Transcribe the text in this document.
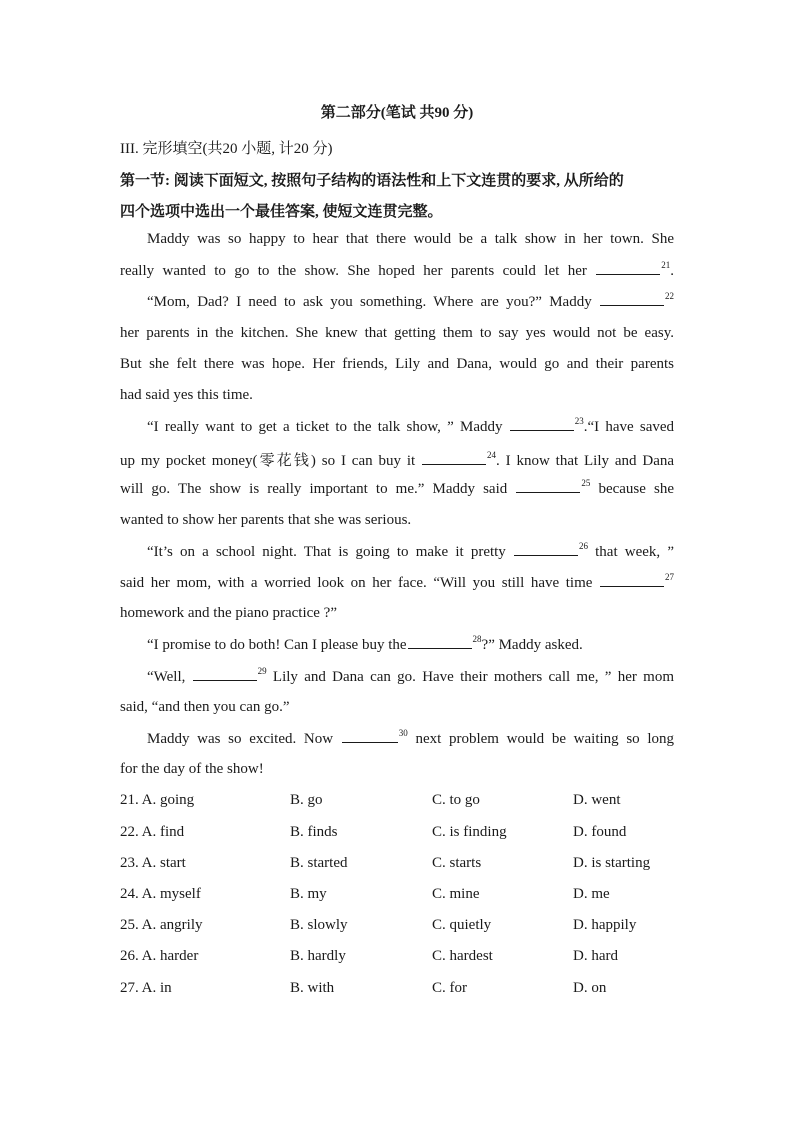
第二部分(笔试 共90 分)
III. 完形填空(共20 小题, 计20 分)
第一节: 阅读下面短文, 按照句子结构的语法性和上下文连贯的要求, 从所给的
四个选项中选出一个最佳答案, 使短文连贯完整。
Maddy was so happy to hear that there would be a talk show in her town. She
really wanted to go to the show. She hoped her parents could let her	$^{21}$.
“Mom, Dad? I need to ask you something. Where are you?” Maddy	$^{22}$
her parents in the kitchen. She knew that getting them to say yes would not be easy.
But she felt there was hope. Her friends, Lily and Dana, would go and their parents
had said yes this time.
“I really want to get a ticket to the talk show, ” Maddy	$^{23}$.“I have saved
up my pocket money(零花钱) so I can buy it	$^{24}$. I know that Lily and Dana
will go. The show is really important to me.” Maddy said	$^{25}$ because she
wanted to show her parents that she was serious.
“It’s on a school night. That is going to make it pretty	$^{26}$ that week, ”
said her mom, with a worried look on her face. “Will you still have time	$^{27}$
homework and the piano practice ?”
“I promise to do both! Can I please buy the	$^{28}$?” Maddy asked.
“Well,	$^{29}$ Lily and Dana can go. Have their mothers call me, ” her mom
said, “and then you can go.”
Maddy was so excited. Now	$^{30}$ next problem would be waiting so long
for the day of the show!
21. A. going	B. go	C. to go	D. went
22. A. find	B. finds	C. is finding	D. found
23. A. start	B. started	C. starts	D. is starting
24. A. myself	B. my	C. mine	D. me
25. A. angrily	B. slowly	C. quietly	D. happily
26. A. harder	B. hardly	C. hardest	D. hard
27. A. in	B. with	C. for	D. on
